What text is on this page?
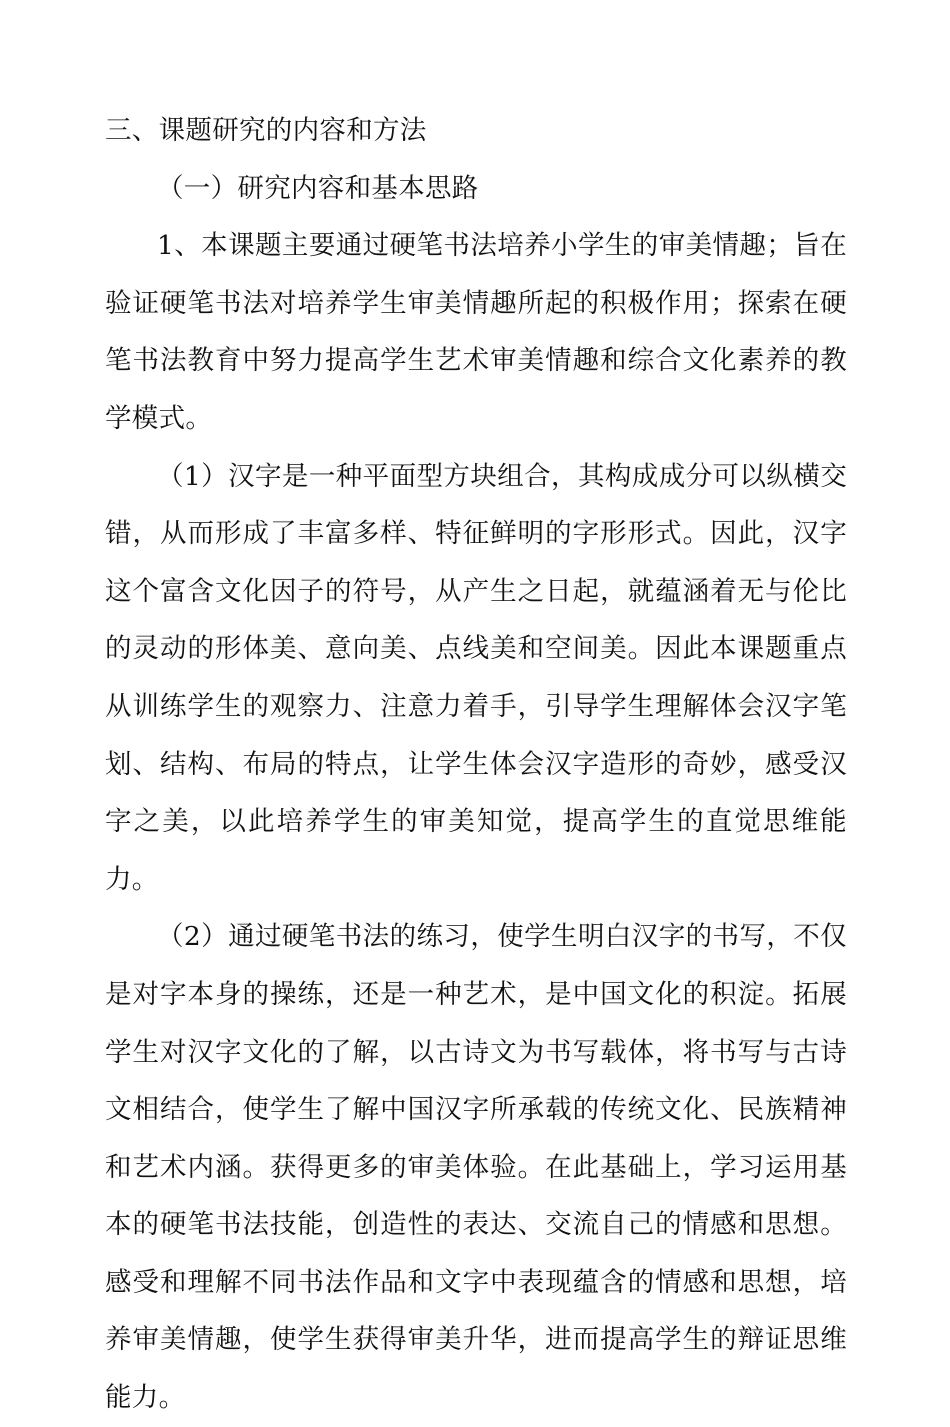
三、课题研究的内容和方法

（一）研究内容和基本思路

1、本课题主要通过硬笔书法培养小学生的审美情趣；旨在验证硬笔书法对培养学生审美情趣所起的积极作用；探索在硬笔书法教育中努力提高学生艺术审美情趣和综合文化素养的教学模式。

（1）汉字是一种平面型方块组合，其构成成分可以纵横交错，从而形成了丰富多样、特征鲜明的字形形式。因此，汉字这个富含文化因子的符号，从产生之日起，就蕴涵着无与伦比的灵动的形体美、意向美、点线美和空间美。因此本课题重点从训练学生的观察力、注意力着手，引导学生理解体会汉字笔划、结构、布局的特点，让学生体会汉字造形的奇妙，感受汉字之美，以此培养学生的审美知觉，提高学生的直觉思维能力。

（2）通过硬笔书法的练习，使学生明白汉字的书写，不仅是对字本身的操练，还是一种艺术，是中国文化的积淀。拓展学生对汉字文化的了解，以古诗文为书写载体，将书写与古诗文相结合，使学生了解中国汉字所承载的传统文化、民族精神和艺术内涵。获得更多的审美体验。在此基础上，学习运用基本的硬笔书法技能，创造性的表达、交流自己的情感和思想。感受和理解不同书法作品和文字中表现蕴含的情感和思想，培养审美情趣，使学生获得审美升华，进而提高学生的辩证思维能力。
